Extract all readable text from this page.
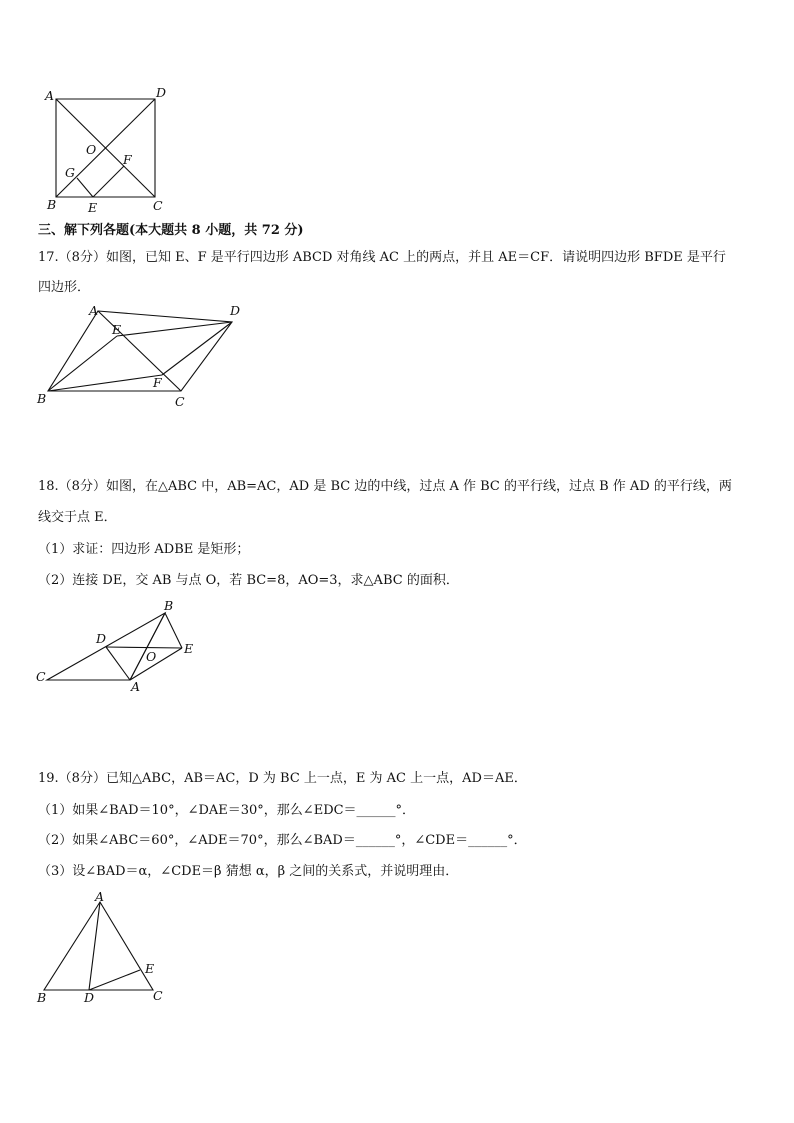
A	D
O
F
G
B	E	C
三、解下列各题(本大题共 8 小题，共 72 分)
17.（8分）如图，已知 E、F 是平行四边形 ABCD 对角线 AC 上的两点，并且 AE＝CF．请说明四边形 BFDE 是平行
四边形．
A	D
E
F
B	C
18.（8分）如图，在△ABC 中，AB=AC，AD 是 BC 边的中线，过点 A 作 BC 的平行线，过点 B 作 AD 的平行线，两
线交于点 E．
（1）求证：四边形 ADBE 是矩形；
（2）连接 DE，交 AB 与点 O，若 BC=8，AO=3，求△ABC 的面积．
B
D
E
O
C
A
19.（8分）已知△ABC，AB＝AC，D 为 BC 上一点，E 为 AC 上一点，AD＝AE．
（1）如果∠BAD＝10°，∠DAE＝30°，那么∠EDC＝______°．
（2）如果∠ABC＝60°，∠ADE＝70°，那么∠BAD＝______°，∠CDE＝______°．
（3）设∠BAD＝α，∠CDE＝β 猜想 α，β 之间的关系式，并说明理由．
A
E
B	D	C
